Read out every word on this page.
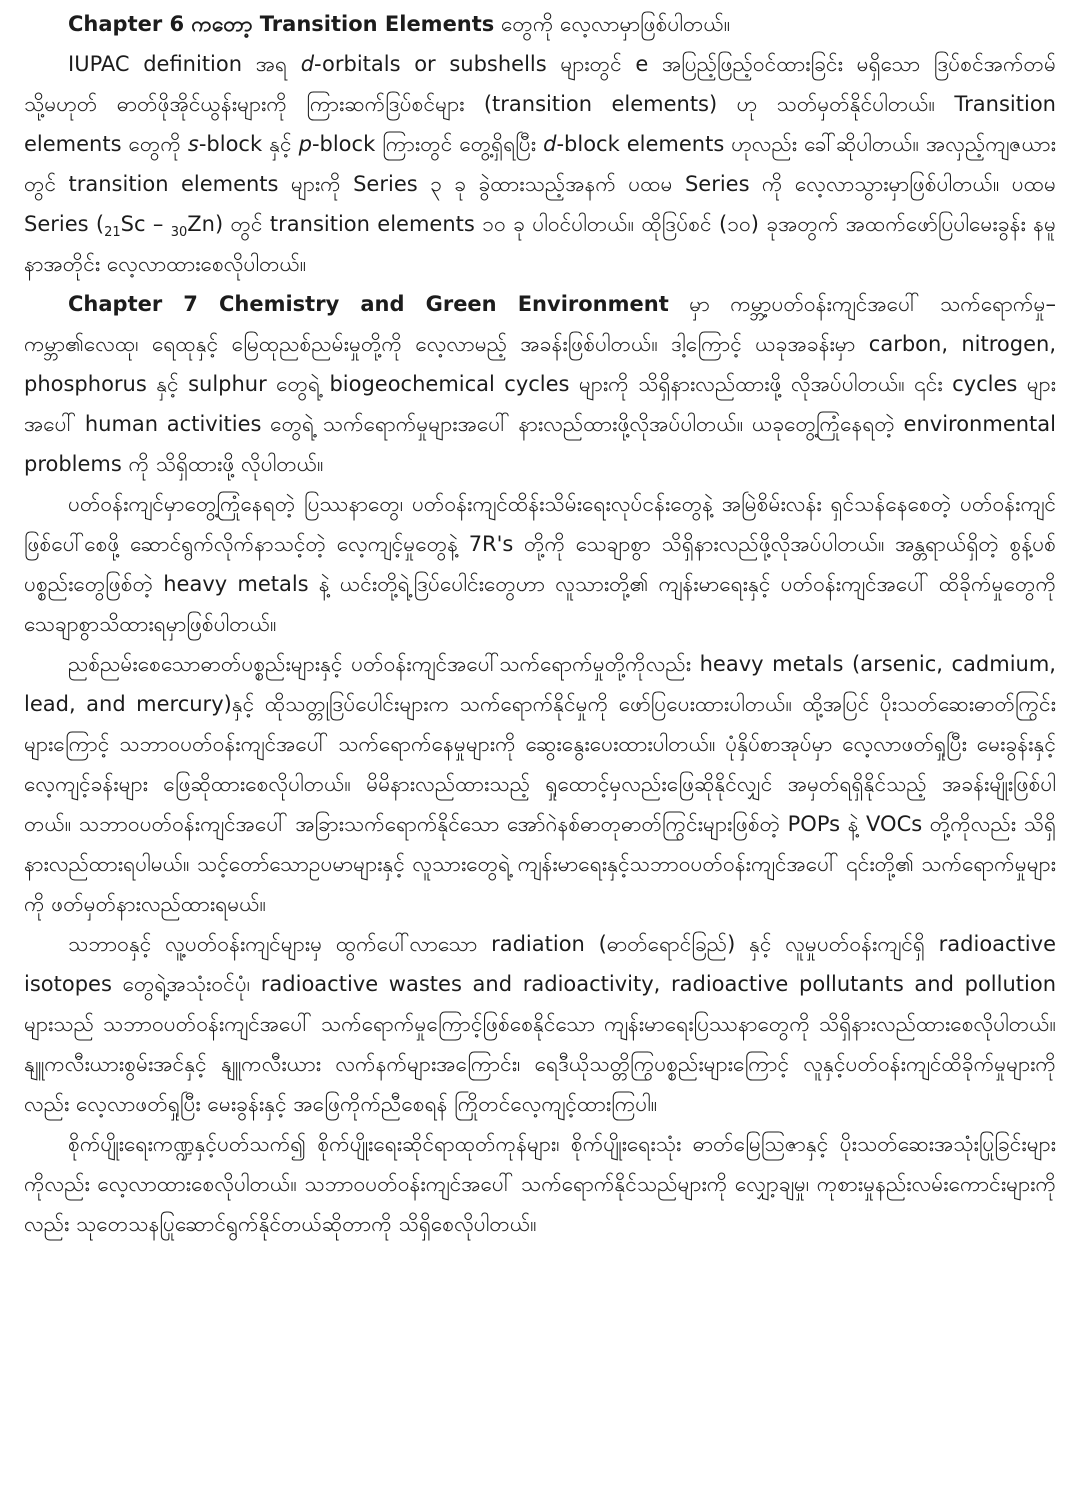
Chapter 6 ကတော့ Transition Elements တွေကို လေ့လာမှာဖြစ်ပါတယ်။

IUPAC definition အရ d-orbitals or subshells များတွင် e အပြည့်ဖြည့်ဝင်ထားခြင်း မရှိသော ဒြပ်စင်အက်တမ် သို့မဟုတ် ဓာတ်ဖိုအိုင်ယွန်းများကို ကြားဆက်ဒြပ်စင်များ (transition elements) ဟု သတ်မှတ်နိုင်ပါတယ်။ Transition elements တွေကို s-block နှင့် p-block ကြားတွင် တွေ့ရှိရပြီး d-block elements ဟုလည်း ခေါ်ဆိုပါတယ်။ အလှည့်ကျဇယားတွင် transition elements များကို Series ၃ ခု ခွဲထားသည့်အနက် ပထမ Series ကို လေ့လာသွားမှာဖြစ်ပါတယ်။ ပထမ Series $(_{21}Sc - _{30}Zn)$ တွင် transition elements ၁၀ ခု ပါဝင်ပါတယ်။ ထိုဒြပ်စင် (၁၀) ခုအတွက် အထက်ဖော်ပြပါမေးခွန်း နမူနာအတိုင်း လေ့လာထားစေလိုပါတယ်။

Chapter 7 Chemistry and Green Environment မှာ ကမ္ဘာ့ပတ်ဝန်းကျင်အပေါ် သက်ရောက်မှု–ကမ္ဘာ၏လေထု၊ ရေထုနှင့် မြေထုညစ်ညမ်းမှုတို့ကို လေ့လာမည့် အခန်းဖြစ်ပါတယ်။ ဒါ့ကြောင့် ယခုအခန်းမှာ carbon, nitrogen, phosphorus နှင့် sulphur တွေရဲ့ biogeochemical cycles များကို သိရှိနားလည်ထားဖို့ လိုအပ်ပါတယ်။ ၎င်း cycles များအပေါ် human activities တွေရဲ့ သက်ရောက်မှုများအပေါ် နားလည်ထားဖို့လိုအပ်ပါတယ်။ ယခုတွေ့ကြုံနေရတဲ့ environmental problems ကို သိရှိထားဖို့ လိုပါတယ်။

ပတ်ဝန်းကျင်မှာတွေ့ကြုံနေရတဲ့ ပြဿနာတွေ၊ ပတ်ဝန်းကျင်ထိန်းသိမ်းရေးလုပ်ငန်းတွေနဲ့ အမြဲစိမ်းလန်း ရှင်သန်နေစေတဲ့ ပတ်ဝန်းကျင်ဖြစ်ပေါ်စေဖို့ ဆောင်ရွက်လိုက်နာသင့်တဲ့ လေ့ကျင့်မှုတွေနဲ့ 7R's တို့ကို သေချာစွာ သိရှိနားလည်ဖို့လိုအပ်ပါတယ်။ အန္တရာယ်ရှိတဲ့ စွန့်ပစ်ပစ္စည်းတွေဖြစ်တဲ့ heavy metals နဲ့ ယင်းတို့ရဲ့ဒြပ်ပေါင်းတွေဟာ လူသားတို့၏ ကျန်းမာရေးနှင့် ပတ်ဝန်းကျင်အပေါ် ထိခိုက်မှုတွေကို သေချာစွာသိထားရမှာဖြစ်ပါတယ်။

ညစ်ညမ်းစေသောဓာတ်ပစ္စည်းများနှင့် ပတ်ဝန်းကျင်အပေါ်သက်ရောက်မှုတို့ကိုလည်း heavy metals (arsenic, cadmium, lead, and mercury)နှင့် ထိုသတ္တုဒြပ်ပေါင်းများက သက်ရောက်နိုင်မှုကို ဖော်ပြပေးထားပါတယ်။ ထို့အပြင် ပိုးသတ်ဆေးဓာတ်ကြွင်းများကြောင့် သဘာဝပတ်ဝန်းကျင်အပေါ် သက်ရောက်နေမှုများကို ဆွေးနွေးပေးထားပါတယ်။ ပုံနှိပ်စာအုပ်မှာ လေ့လာဖတ်ရှုပြီး မေးခွန်းနှင့်လေ့ကျင့်ခန်းများ ဖြေဆိုထားစေလိုပါတယ်။ မိမိနားလည်ထားသည့် ရှုထောင့်မှလည်းဖြေဆိုနိုင်လျှင် အမှတ်ရရှိနိုင်သည့် အခန်းမျိုးဖြစ်ပါတယ်။ သဘာဝပတ်ဝန်းကျင်အပေါ် အခြားသက်ရောက်နိုင်သော အော်ဂဲနစ်ဓာတုဓာတ်ကြွင်းများဖြစ်တဲ့ POPs နဲ့ VOCs တို့ကိုလည်း သိရှိနားလည်ထားရပါမယ်။ သင့်တော်သောဥပမာများနှင့် လူသားတွေရဲ့ ကျန်းမာရေးနှင့်သဘာဝပတ်ဝန်းကျင်အပေါ် ၎င်းတို့၏ သက်ရောက်မှုများကို ဖတ်မှတ်နားလည်ထားရမယ်။

သဘာဝနှင့် လူ့ပတ်ဝန်းကျင်များမှ ထွက်ပေါ်လာသော radiation (ဓာတ်ရောင်ခြည်) နှင့် လူမှုပတ်ဝန်းကျင်ရှိ radioactive isotopes တွေရဲ့အသုံးဝင်ပုံ၊ radioactive wastes and radioactivity, radioactive pollutants and pollution များသည် သဘာဝပတ်ဝန်းကျင်အပေါ် သက်ရောက်မှုကြောင့်ဖြစ်စေနိုင်သော ကျန်းမာရေးပြဿနာတွေကို သိရှိနားလည်ထားစေလိုပါတယ်။ နျူကလီးယားစွမ်းအင်နှင့် နျူကလီးယား လက်နက်များအကြောင်း၊ ရေဒီယိုသတ္တိကြွပစ္စည်းများကြောင့် လူနှင့်ပတ်ဝန်းကျင်ထိခိုက်မှုများကိုလည်း လေ့လာဖတ်ရှုပြီး မေးခွန်းနှင့် အဖြေကိုက်ညီစေရန် ကြိုတင်လေ့ကျင့်ထားကြပါ။

စိုက်ပျိုးရေးကဏ္ဍနှင့်ပတ်သက်၍ စိုက်ပျိုးရေးဆိုင်ရာထုတ်ကုန်များ၊ စိုက်ပျိုးရေးသုံး ဓာတ်မြေဩဇာနှင့် ပိုးသတ်ဆေးအသုံးပြုခြင်းများကိုလည်း လေ့လာထားစေလိုပါတယ်။ သဘာဝပတ်ဝန်းကျင်အပေါ် သက်ရောက်နိုင်သည်များကို လျှော့ချမှု၊ ကုစားမှုနည်းလမ်းကောင်းများကိုလည်း သုတေသနပြုဆောင်ရွက်နိုင်တယ်ဆိုတာကို သိရှိစေလိုပါတယ်။
